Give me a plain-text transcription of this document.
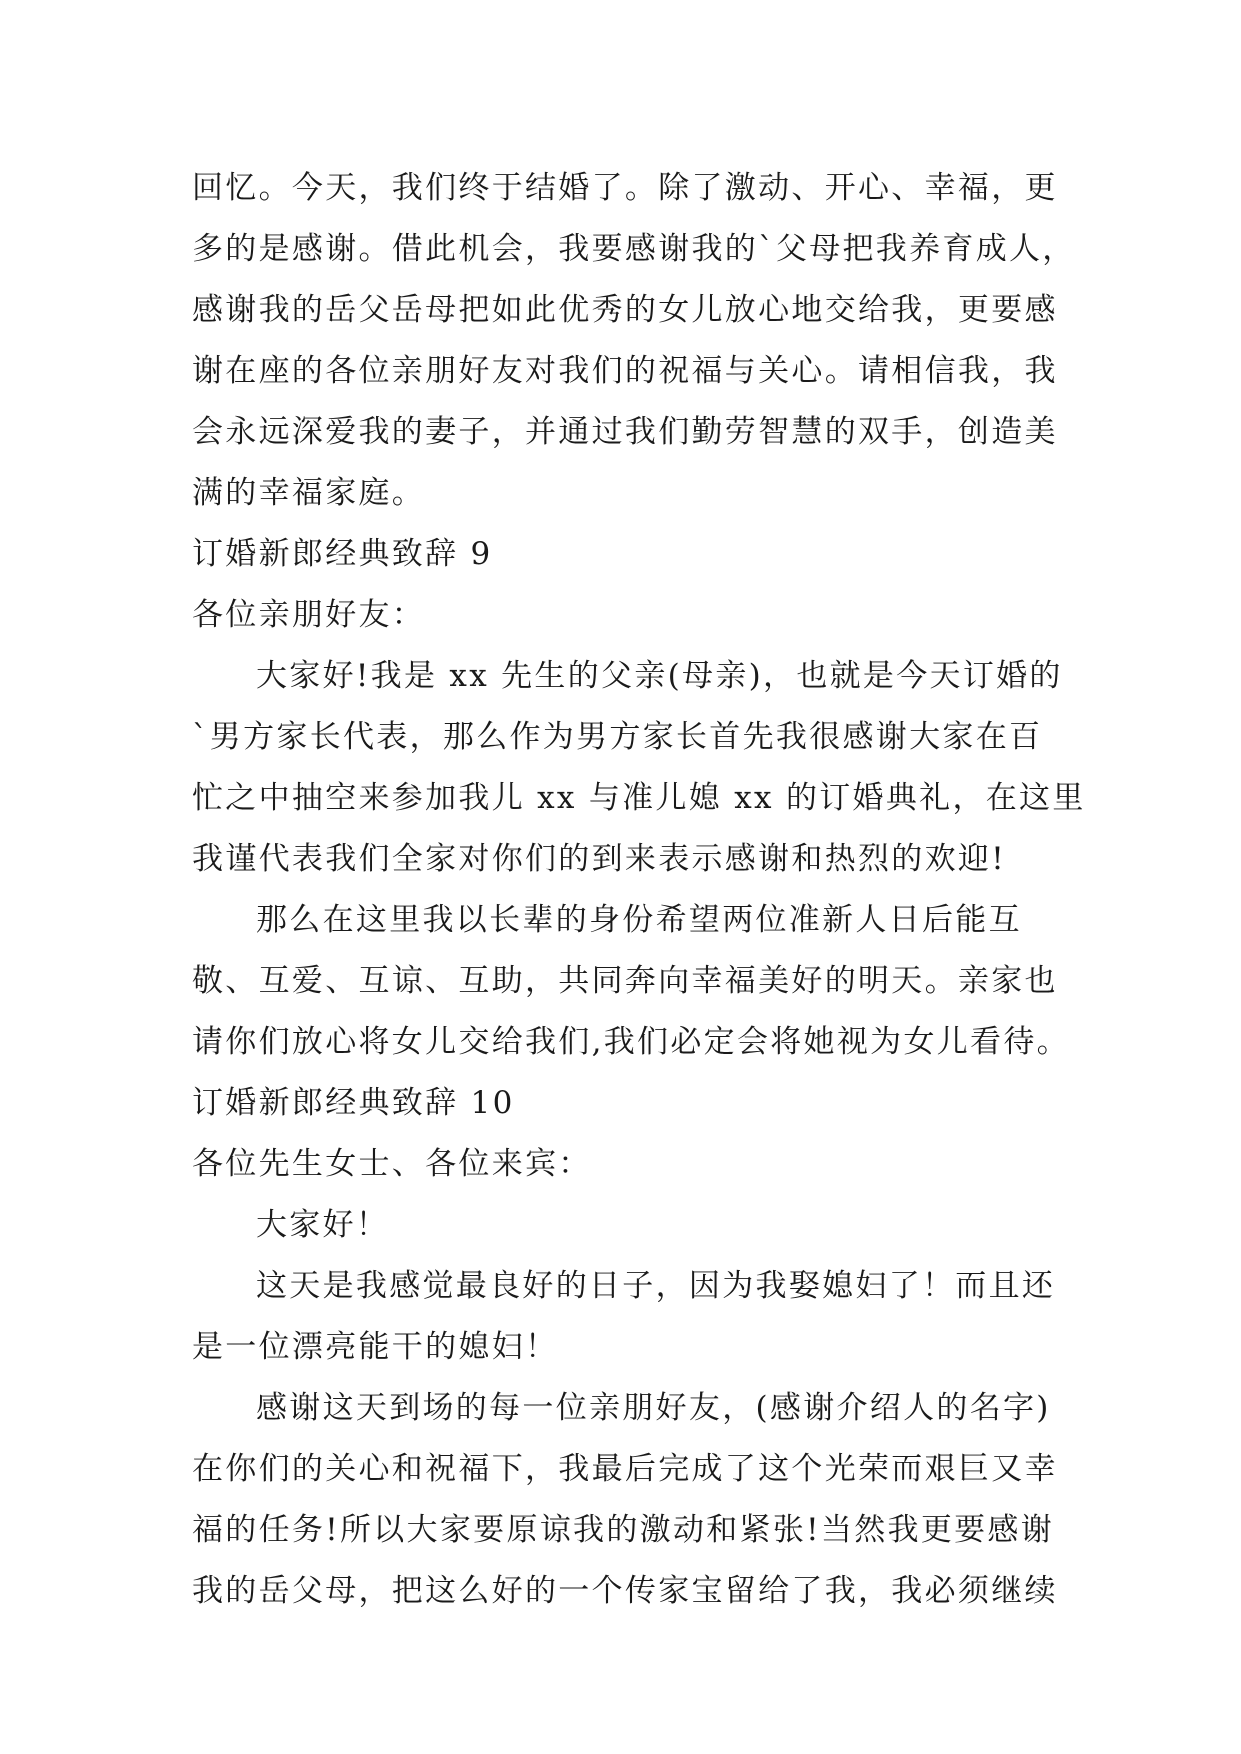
回忆。今天，我们终于结婚了。除了激动、开心、幸福，更
多的是感谢。借此机会，我要感谢我的`父母把我养育成人，
感谢我的岳父岳母把如此优秀的女儿放心地交给我，更要感
谢在座的各位亲朋好友对我们的祝福与关心。请相信我，我
会永远深爱我的妻子，并通过我们勤劳智慧的双手，创造美
满的幸福家庭。
订婚新郎经典致辞 9
各位亲朋好友：
大家好!我是 xx 先生的父亲(母亲)，也就是今天订婚的
`男方家长代表，那么作为男方家长首先我很感谢大家在百
忙之中抽空来参加我儿 xx 与准儿媳 xx 的订婚典礼，在这里
我谨代表我们全家对你们的到来表示感谢和热烈的欢迎!
那么在这里我以长辈的身份希望两位准新人日后能互
敬、互爱、互谅、互助，共同奔向幸福美好的明天。亲家也
请你们放心将女儿交给我们,我们必定会将她视为女儿看待。
订婚新郎经典致辞 10
各位先生女士、各位来宾：
大家好！
这天是我感觉最良好的日子，因为我娶媳妇了！而且还
是一位漂亮能干的媳妇！
感谢这天到场的每一位亲朋好友，(感谢介绍人的名字)
在你们的关心和祝福下，我最后完成了这个光荣而艰巨又幸
福的任务!所以大家要原谅我的激动和紧张!当然我更要感谢
我的岳父母，把这么好的一个传家宝留给了我，我必须继续
